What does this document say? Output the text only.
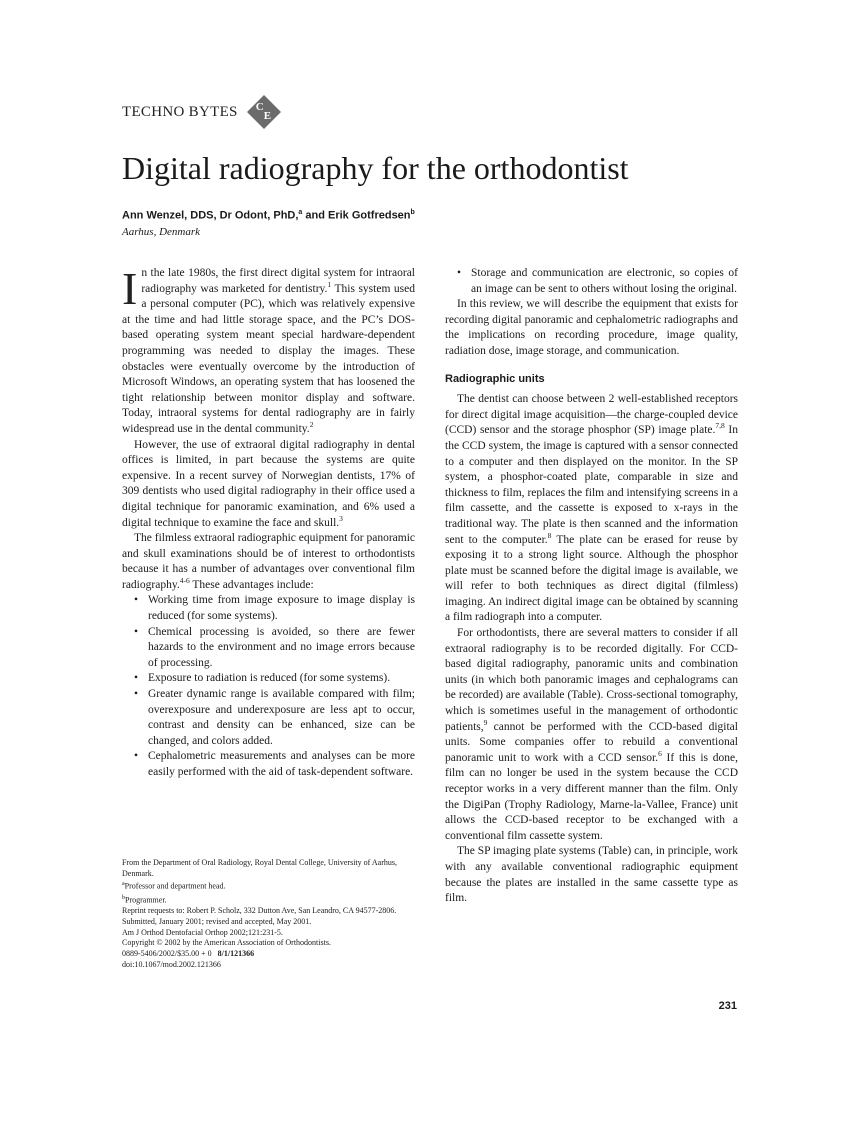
TECHNO BYTES C
E
Digital radiography for the orthodontist
Ann Wenzel, DDS, Dr Odont, PhD,$^a$ and Erik Gotfredsen$^b$
Aarhus, Denmark

In the late 1980s, the first direct digital system for intraoral radiography was marketed for dentistry.$^1$ This system used a personal computer (PC), which was relatively expensive at the time and had little storage space, and the PC’s DOS-based operating system meant special hardware-dependent programming was needed to display the images. These obstacles were eventually overcome by the introduction of Microsoft Windows, an operating system that has loosened the tight relationship between monitor display and software. Today, intraoral systems for dental radiography are in fairly widespread use in the dental community.$^2$

However, the use of extraoral digital radiography in dental offices is limited, in part because the systems are quite expensive. In a recent survey of Norwegian dentists, 17% of 309 dentists who used digital radiography in their office used a digital technique for panoramic examination, and 6% used a digital technique to examine the face and skull.$^3$

The filmless extraoral radiographic equipment for panoramic and skull examinations should be of interest to orthodontists because it has a number of advantages over conventional film radiography.$^{4-6}$ These advantages include:

• Working time from image exposure to image display is reduced (for some systems).
• Chemical processing is avoided, so there are fewer hazards to the environment and no image errors because of processing.
• Exposure to radiation is reduced (for some systems).
• Greater dynamic range is available compared with film; overexposure and underexposure are less apt to occur, contrast and density can be enhanced, size can be changed, and colors added.
• Cephalometric measurements and analyses can be more easily performed with the aid of task-dependent software.
From the Department of Oral Radiology, Royal Dental College, University of Aarhus, Denmark.
$^a$Professor and department head.
$^b$Programmer.
Reprint requests to: Robert P. Scholz, 332 Dutton Ave, San Leandro, CA 94577-2806.
Submitted, January 2001; revised and accepted, May 2001.
Am J Orthod Dentofacial Orthop 2002;121:231-5.
Copyright © 2002 by the American Association of Orthodontists.
0889-5406/2002/$35.00 + 0   8/1/121366
doi:10.1067/mod.2002.121366
• Storage and communication are electronic, so copies of an image can be sent to others without losing the original.

In this review, we will describe the equipment that exists for recording digital panoramic and cephalometric radiographs and the implications on recording procedure, image quality, radiation dose, image storage, and communication.

Radiographic units

The dentist can choose between 2 well-established receptors for direct digital image acquisition—the charge-coupled device (CCD) sensor and the storage phosphor (SP) image plate.$^{7,8}$ In the CCD system, the image is captured with a sensor connected to a computer and then displayed on the monitor. In the SP system, a phosphor-coated plate, comparable in size and thickness to film, replaces the film and intensifying screens in a film cassette, and the cassette is exposed to x-rays in the traditional way. The plate is then scanned and the information sent to the computer.$^8$ The plate can be erased for reuse by exposing it to a strong light source. Although the phosphor plate must be scanned before the digital image is available, we will refer to both techniques as direct digital (filmless) imaging. An indirect digital image can be obtained by scanning a film radiograph into a computer.

For orthodontists, there are several matters to consider if all extraoral radiography is to be recorded digitally. For CCD-based digital radiography, panoramic units and combination units (in which both panoramic images and cephalograms can be recorded) are available (Table). Cross-sectional tomography, which is sometimes useful in the management of orthodontic patients,$^9$ cannot be performed with the CCD-based digital units. Some companies offer to rebuild a conventional panoramic unit to work with a CCD sensor.$^6$ If this is done, film can no longer be used in the system because the CCD receptor works in a very different manner than the film. Only the DigiPan (Trophy Radiology, Marne-la-Vallee, France) unit allows the CCD-based receptor to be exchanged with a conventional film cassette system.

The SP imaging plate systems (Table) can, in principle, work with any available conventional radiographic equipment because the plates are installed in the same cassette type as film.

231
